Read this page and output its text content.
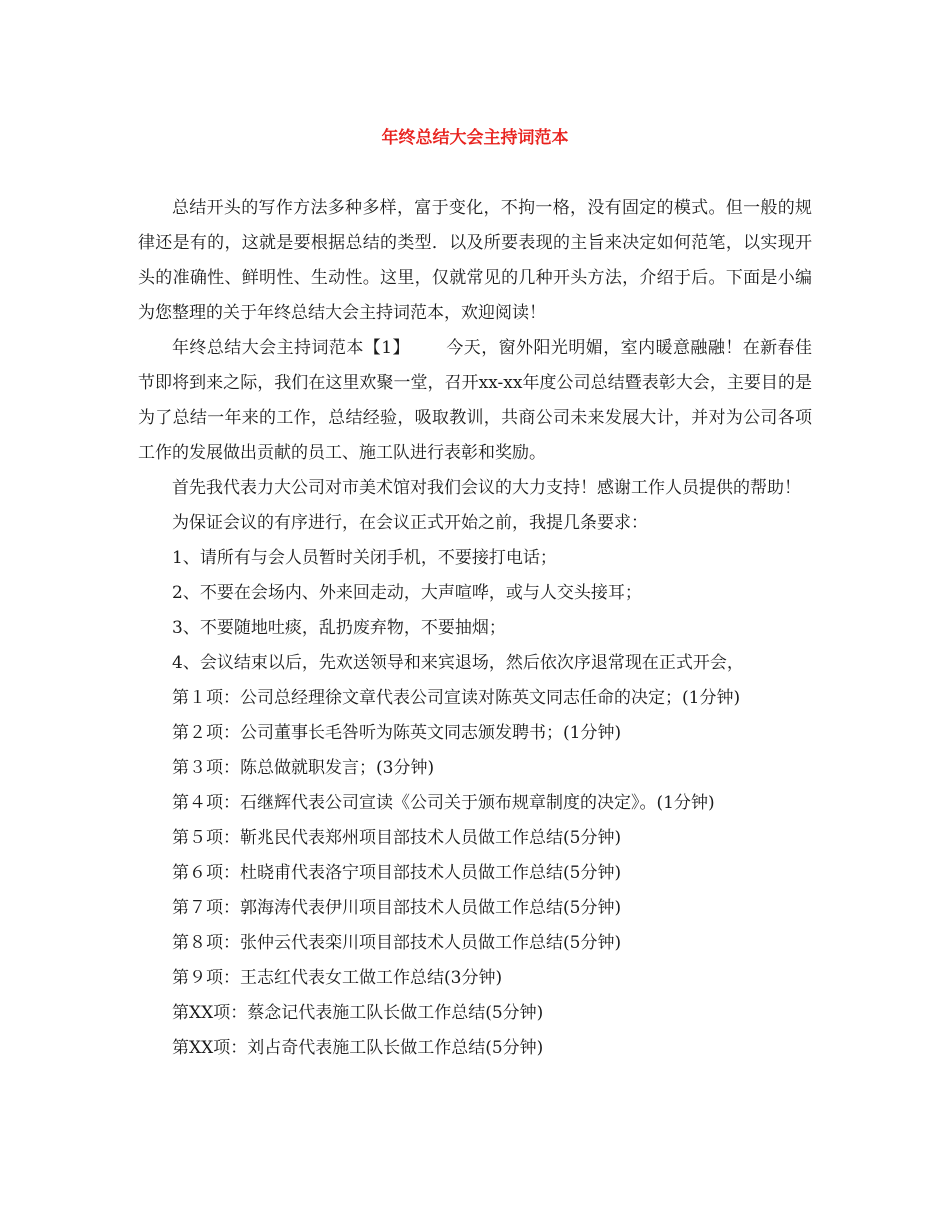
年终总结大会主持词范本

总结开头的写作方法多种多样，富于变化，不拘一格，没有固定的模式。但一般的规律还是有的，这就是要根据总结的类型．以及所要表现的主旨来决定如何范笔，以实现开头的准确性、鲜明性、生动性。这里，仅就常见的几种开头方法，介绍于后。下面是小编为您整理的关于年终总结大会主持词范本，欢迎阅读！

年终总结大会主持词范本【1】 今天，窗外阳光明媚，室内暖意融融！在新春佳节即将到来之际，我们在这里欢聚一堂，召开xx-xx年度公司总结暨表彰大会，主要目的是为了总结一年来的工作，总结经验，吸取教训，共商公司未来发展大计，并对为公司各项工作的发展做出贡献的员工、施工队进行表彰和奖励。

首先我代表力大公司对市美术馆对我们会议的大力支持！感谢工作人员提供的帮助！

为保证会议的有序进行，在会议正式开始之前，我提几条要求：

1、请所有与会人员暂时关闭手机，不要接打电话；

2、不要在会场内、外来回走动，大声喧哗，或与人交头接耳；

3、不要随地吐痰，乱扔废弃物，不要抽烟；

4、会议结束以后，先欢送领导和来宾退场，然后依次序退常现在正式开会，

第１项：公司总经理徐文章代表公司宣读对陈英文同志任命的决定；(1分钟)

第２项：公司董事长毛咎听为陈英文同志颁发聘书；(1分钟)

第３项：陈总做就职发言；(3分钟)

第４项：石继辉代表公司宣读《公司关于颁布规章制度的决定》。(1分钟)

第５项：靳兆民代表郑州项目部技术人员做工作总结(5分钟)

第６项：杜晓甫代表洛宁项目部技术人员做工作总结(5分钟)

第７项：郭海涛代表伊川项目部技术人员做工作总结(5分钟)

第８项：张仲云代表栾川项目部技术人员做工作总结(5分钟)

第９项：王志红代表女工做工作总结(3分钟)

第XX项：蔡念记代表施工队长做工作总结(5分钟)

第XX项：刘占奇代表施工队长做工作总结(5分钟)
